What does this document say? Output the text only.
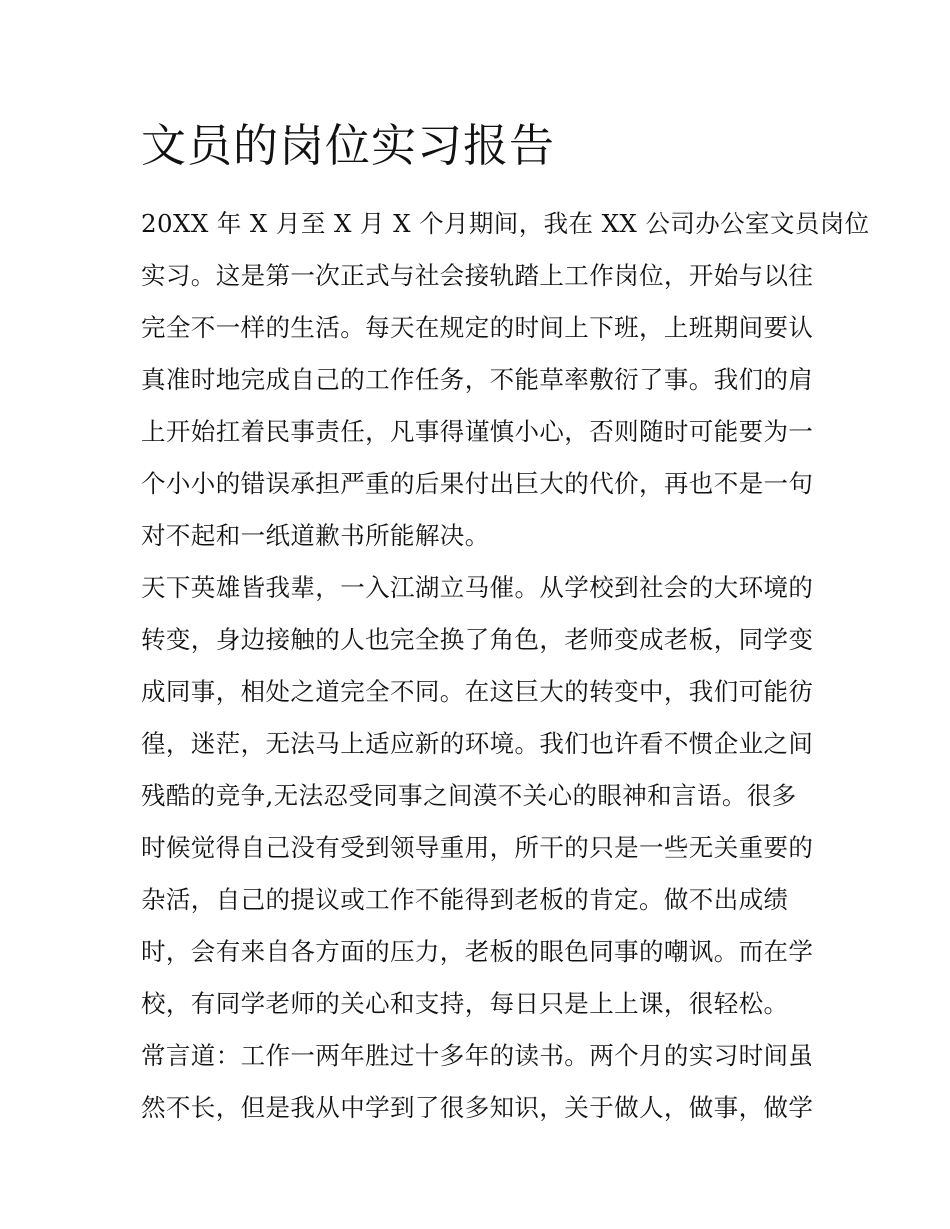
文员的岗位实习报告
20XX 年 X 月至 X 月 X 个月期间，我在 XX 公司办公室文员岗位
实习。这是第一次正式与社会接轨踏上工作岗位，开始与以往
完全不一样的生活。每天在规定的时间上下班，上班期间要认
真准时地完成自己的工作任务，不能草率敷衍了事。我们的肩
上开始扛着民事责任，凡事得谨慎小心，否则随时可能要为一
个小小的错误承担严重的后果付出巨大的代价，再也不是一句
对不起和一纸道歉书所能解决。
天下英雄皆我辈，一入江湖立马催。从学校到社会的大环境的
转变，身边接触的人也完全换了角色，老师变成老板，同学变
成同事，相处之道完全不同。在这巨大的转变中，我们可能彷
徨，迷茫，无法马上适应新的环境。我们也许看不惯企业之间
残酷的竞争,无法忍受同事之间漠不关心的眼神和言语。很多
时候觉得自己没有受到领导重用，所干的只是一些无关重要的
杂活，自己的提议或工作不能得到老板的肯定。做不出成绩
时，会有来自各方面的压力，老板的眼色同事的嘲讽。而在学
校，有同学老师的关心和支持，每日只是上上课，很轻松。
常言道：工作一两年胜过十多年的读书。两个月的实习时间虽
然不长，但是我从中学到了很多知识，关于做人，做事，做学
